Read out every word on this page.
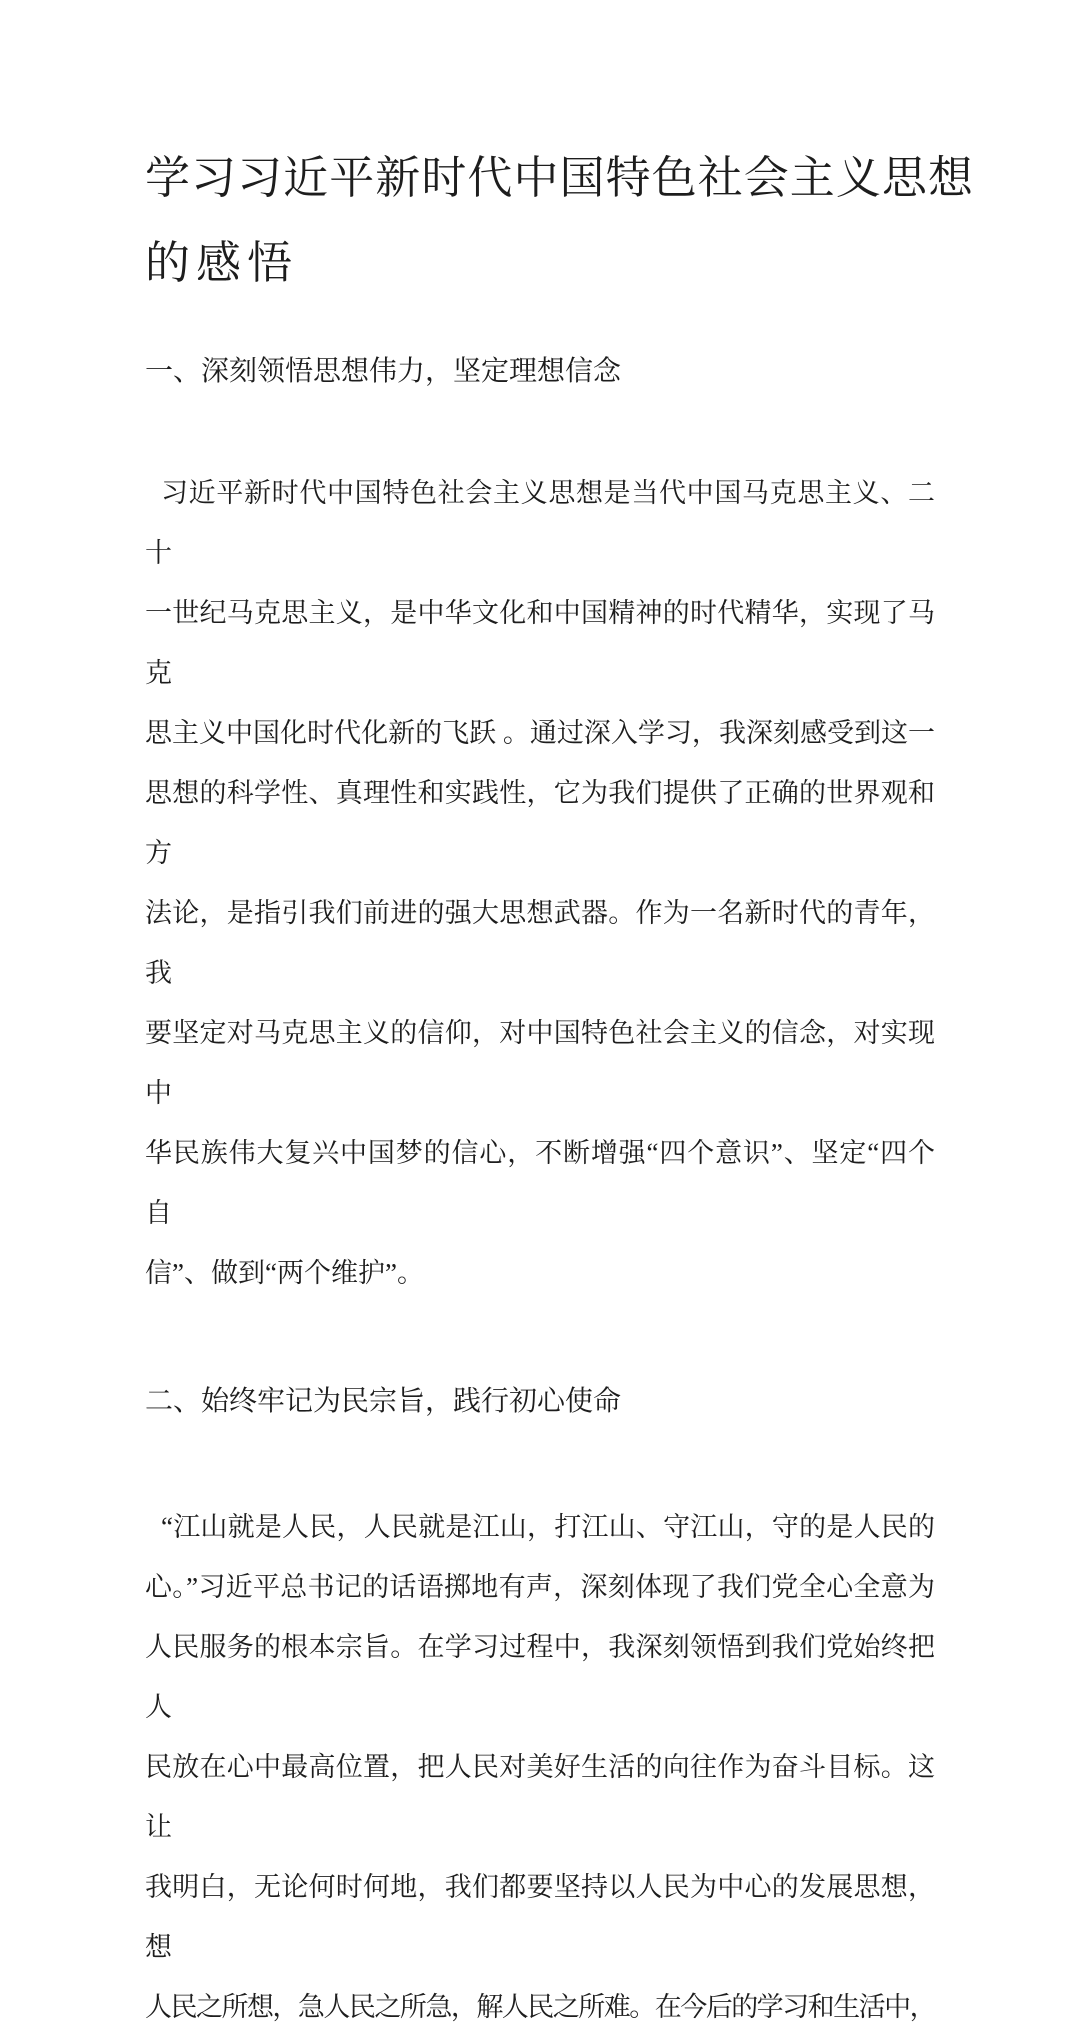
学习习近平新时代中国特色社会主义思想
的感悟
一、深刻领悟思想伟力，坚定理想信念
习近平新时代中国特色社会主义思想是当代中国马克思主义、二十
一世纪马克思主义，是中华文化和中国精神的时代精华，实现了马克
思主义中国化时代化新的飞跃 。通过深入学习，我深刻感受到这一
思想的科学性、真理性和实践性，它为我们提供了正确的世界观和方
法论，是指引我们前进的强大思想武器。作为一名新时代的青年，我
要坚定对马克思主义的信仰，对中国特色社会主义的信念，对实现中
华民族伟大复兴中国梦的信心，不断增强“四个意识”、坚定“四个自
信”、做到“两个维护”。
二、始终牢记为民宗旨，践行初心使命
“江山就是人民，人民就是江山，打江山、守江山，守的是人民的
心。”习近平总书记的话语掷地有声，深刻体现了我们党全心全意为
人民服务的根本宗旨。在学习过程中，我深刻领悟到我们党始终把人
民放在心中最高位置，把人民对美好生活的向往作为奋斗目标。这让
我明白，无论何时何地，我们都要坚持以人民为中心的发展思想，想
人民之所想，急人民之所急，解人民之所难。在今后的学习和生活中，
